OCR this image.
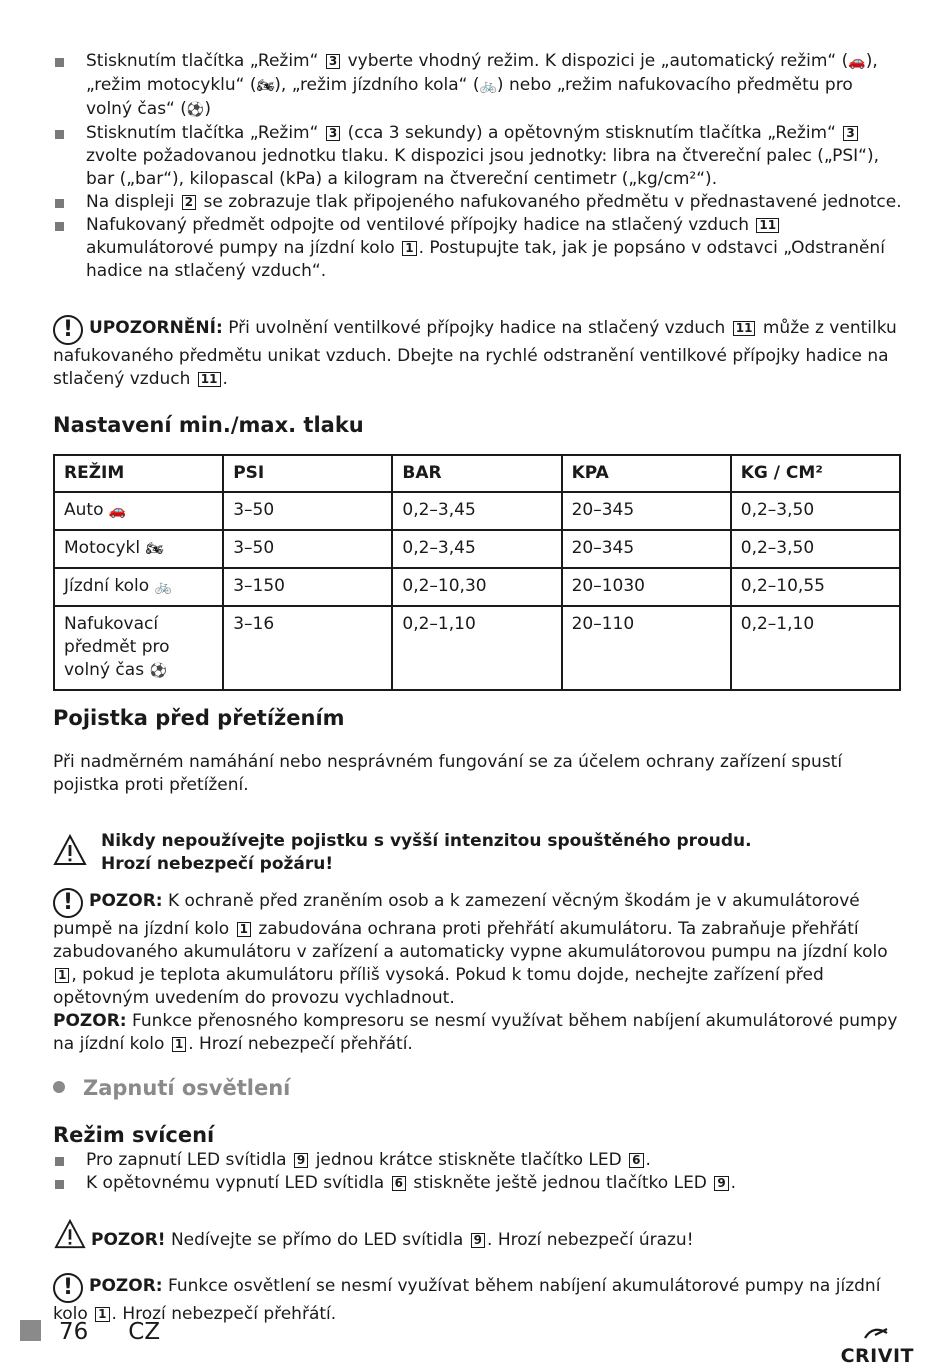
Stisknutím tlačítka „Režim“ 3 vyberte vhodný režim. K dispozici je „automatický režim“ (🚗), „režim motocyklu“ (🏍), „režim jízdního kola“ (🚲) nebo „režim nafukovacího předmětu pro volný čas“ (⚽)
Stisknutím tlačítka „Režim“ 3 (cca 3 sekundy) a opětovným stisknutím tlačítka „Režim“ 3 zvolte požadovanou jednotku tlaku. K dispozici jsou jednotky: libra na čtvereční palec („PSI“), bar („bar“), kilopascal (kPa) a kilogram na čtvereční centimetr („kg/cm²“).
Na displeji 2 se zobrazuje tlak připojeného nafukovaného předmětu v přednastavené jednotce.
Nafukovaný předmět odpojte od ventilové přípojky hadice na stlačený vzduch 11 akumulátorové pumpy na jízdní kolo 1 . Postupujte tak, jak je popsáno v odstavci „Odstranění hadice na stlačený vzduch“.

! UPOZORNĚNÍ: Při uvolnění ventilkové přípojky hadice na stlačený vzduch 11 může z ventilku nafukovaného předmětu unikat vzduch. Dbejte na rychlé odstranění ventilkové přípojky hadice na stlačený vzduch 11 .

Nastavení min./max. tlaku
REŽIM	PSI	BAR	KPA	KG / CM²
Auto 🚗	3–50	0,2–3,45	20–345	0,2–3,50
Motocykl 🏍	3–50	0,2–3,45	20–345	0,2–3,50
Jízdní kolo 🚲	3–150	0,2–10,30	20–1030	0,2–10,55
Nafukovací předmět pro volný čas ⚽	3–16	0,2–1,10	20–110	0,2–1,10
Pojistka před přetížením

Při nadměrném namáhání nebo nesprávném fungování se za účelem ochrany zařízení spustí pojistka proti přetížení.

Nikdy nepoužívejte pojistku s vyšší intenzitou spouštěného proudu.
Hrozí nebezpečí požáru!

! POZOR: K ochraně před zraněním osob a k zamezení věcným škodám je v akumulátorové pumpě na jízdní kolo 1 zabudována ochrana proti přehřátí akumulátoru. Ta zabraňuje přehřátí zabudovaného akumulátoru v zařízení a automaticky vypne akumulátorovou pumpu na jízdní kolo 1 , pokud je teplota akumulátoru příliš vysoká. Pokud k tomu dojde, nechejte zařízení před opětovným uvedením do provozu vychladnout.

POZOR: Funkce přenosného kompresoru se nesmí využívat během nabíjení akumulátorové pumpy na jízdní kolo 1 . Hrozí nebezpečí přehřátí.

Zapnutí osvětlení
Režim svícení
Pro zapnutí LED svítidla 9 jednou krátce stiskněte tlačítko LED 6 .
K opětovnému vypnutí LED svítidla 6 stiskněte ještě jednou tlačítko LED 9 .

POZOR! Nedívejte se přímo do LED svítidla 9 . Hrozí nebezpečí úrazu!

! POZOR: Funkce osvětlení se nesmí využívat během nabíjení akumulátorové pumpy na jízdní kolo 1 . Hrozí nebezpečí přehřátí.

76 CZ
CRIVIT
